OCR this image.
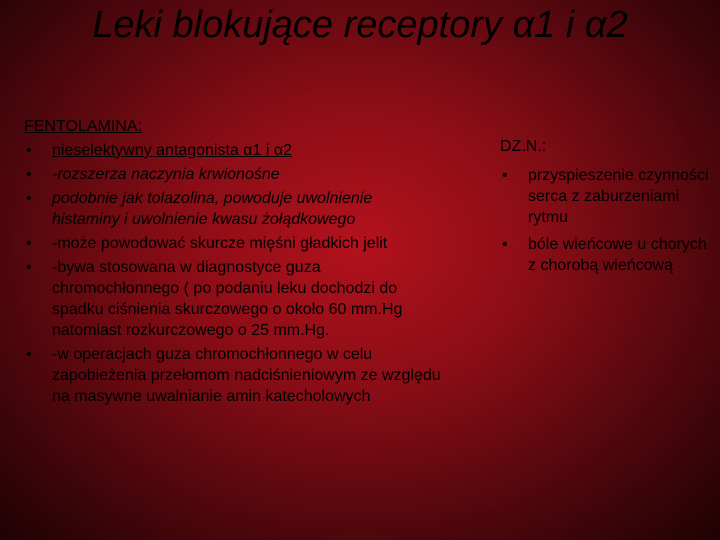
Leki blokujące receptory α1 i α2
FENTOLAMINA:
•	nieselektywny antagonista α1 i α2
•	-rozszerza naczynia krwionośne
•	podobnie jak tolazolina, powoduje uwolnienie histaminy i uwolnienie kwasu żołądkowego
•	-może powodować skurcze mięśni gładkich jelit
•	-bywa stosowana w diagnostyce guza chromochłonnego ( po podaniu leku dochodzi do spadku ciśnienia skurczowego o około 60 mm.Hg natomiast rozkurczowego o 25 mm.Hg.
•	-w operacjach guza chromochłonnego w celu zapobieżenia przełomom nadciśnieniowym ze względu na masywne uwalnianie amin katecholowych
DZ.N.:
•	przyspieszenie czynności serca z zaburzeniami rytmu
•	bóle wieńcowe u chorych z chorobą wieńcową
